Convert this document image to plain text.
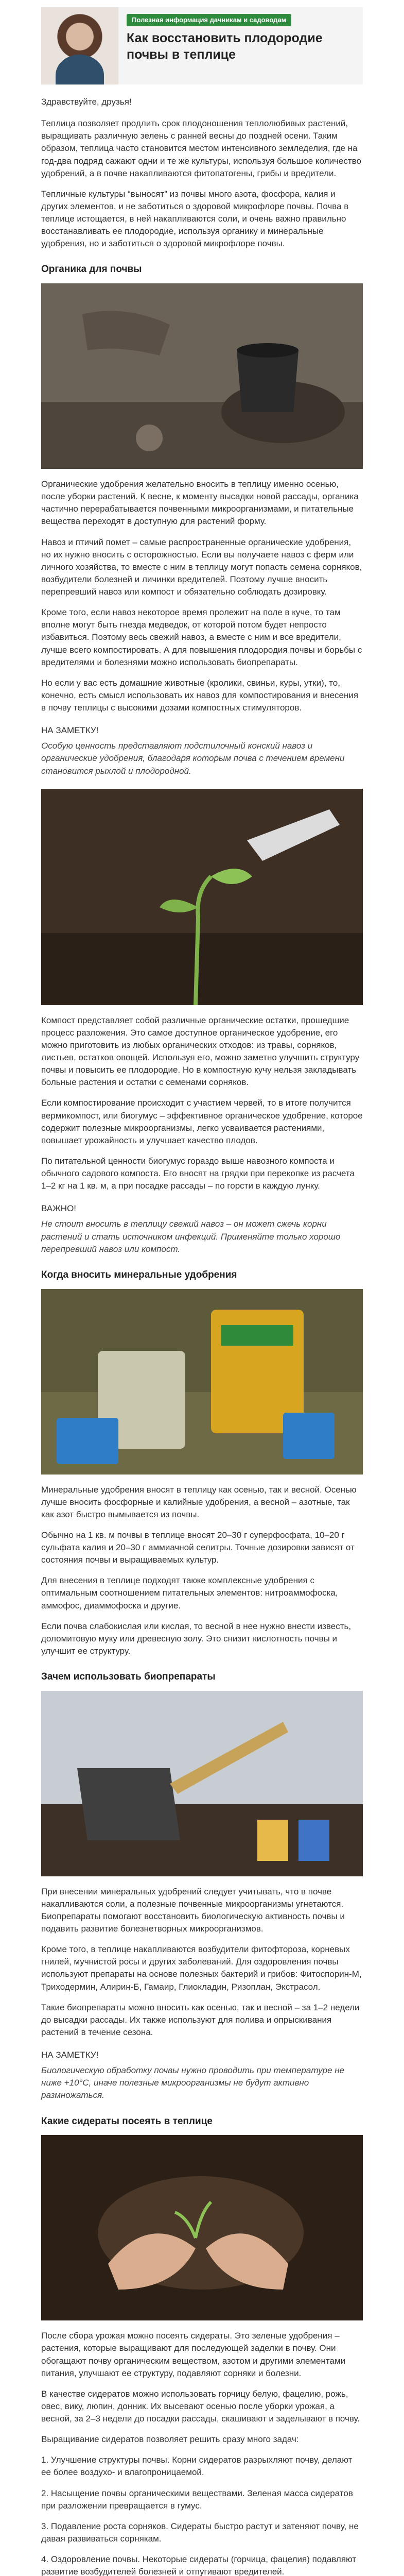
Полезная информация дачникам и садоводам
Как восстановить плодородие почвы в теплице

Здравствуйте, друзья!

Теплица позволяет продлить срок плодоношения теплолюбивых растений, выращивать различную зелень с ранней весны до поздней осени. Таким образом, теплица часто становится местом интенсивного земледелия, где на год-два подряд сажают одни и те же культуры, используя большое количество удобрений, а в почве накапливаются фитопатогены, грибы и вредители.

Тепличные культуры “выносят” из почвы много азота, фосфора, калия и других элементов, и не заботиться о здоровой микрофлоре почвы. Почва в теплице истощается, в ней накапливаются соли, и очень важно правильно восстанавливать ее плодородие, используя органику и минеральные удобрения, но и заботиться о здоровой микрофлоре почвы.

Органика для почвы

Органические удобрения желательно вносить в теплицу именно осенью, после уборки растений. К весне, к моменту высадки новой рассады, органика частично перерабатывается почвенными микроорганизмами, и питательные вещества переходят в доступную для растений форму.

Навоз и птичий помет – самые распространенные органические удобрения, но их нужно вносить с осторожностью. Если вы получаете навоз с ферм или личного хозяйства, то вместе с ним в теплицу могут попасть семена сорняков, возбудители болезней и личинки вредителей. Поэтому лучше вносить перепревший навоз или компост и обязательно соблюдать дозировку.

Кроме того, если навоз некоторое время пролежит на поле в куче, то там вполне могут быть гнезда медведок, от которой потом будет непросто избавиться. Поэтому весь свежий навоз, а вместе с ним и все вредители, лучше всего компостировать. А для повышения плодородия почвы и борьбы с вредителями и болезнями можно использовать биопрепараты.

Но если у вас есть домашние животные (кролики, свиньи, куры, утки), то, конечно, есть смысл использовать их навоз для компостирования и внесения в почву теплицы с высокими дозами компостных стимуляторов.

НА ЗАМЕТКУ!
Особую ценность представляют подстилочный конский навоз и органические удобрения, благодаря которым почва с течением времени становится рыхлой и плодородной.

Компост представляет собой различные органические остатки, прошедшие процесс разложения. Это самое доступное органическое удобрение, его можно приготовить из любых органических отходов: из травы, сорняков, листьев, остатков овощей. Используя его, можно заметно улучшить структуру почвы и повысить ее плодородие. Но в компостную кучу нельзя закладывать больные растения и остатки с семенами сорняков.

Если компостирование происходит с участием червей, то в итоге получится вермикомпост, или биогумус – эффективное органическое удобрение, которое содержит полезные микроорганизмы, легко усваивается растениями, повышает урожайность и улучшает качество плодов.

По питательной ценности биогумус гораздо выше навозного компоста и обычного садового компоста. Его вносят на грядки при перекопке из расчета 1–2 кг на 1 кв. м, а при посадке рассады – по горсти в каждую лунку.

ВАЖНО!
Не стоит вносить в теплицу свежий навоз – он может сжечь корни растений и стать источником инфекций. Применяйте только хорошо перепревший навоз или компост.
Когда вносить минеральные удобрения

Минеральные удобрения вносят в теплицу как осенью, так и весной. Осенью лучше вносить фосфорные и калийные удобрения, а весной – азотные, так как азот быстро вымывается из почвы.

Обычно на 1 кв. м почвы в теплице вносят 20–30 г суперфосфата, 10–20 г сульфата калия и 20–30 г аммиачной селитры. Точные дозировки зависят от состояния почвы и выращиваемых культур.

Для внесения в теплице подходят также комплексные удобрения с оптимальным соотношением питательных элементов: нитроаммофоска, аммофос, диаммофоска и другие.

Если почва слабокислая или кислая, то весной в нее нужно внести известь, доломитовую муку или древесную золу. Это снизит кислотность почвы и улучшит ее структуру.

Зачем использовать биопрепараты

При внесении минеральных удобрений следует учитывать, что в почве накапливаются соли, а полезные почвенные микроорганизмы угнетаются. Биопрепараты помогают восстановить биологическую активность почвы и подавить развитие болезнетворных микроорганизмов.

Кроме того, в теплице накапливаются возбудители фитофтороза, корневых гнилей, мучнистой росы и других заболеваний. Для оздоровления почвы используют препараты на основе полезных бактерий и грибов: Фитоспорин-М, Триходермин, Алирин-Б, Гамаир, Глиокладин, Ризоплан, Экстрасол.

Такие биопрепараты можно вносить как осенью, так и весной – за 1–2 недели до высадки рассады. Их также используют для полива и опрыскивания растений в течение сезона.

НА ЗАМЕТКУ!
Биологическую обработку почвы нужно проводить при температуре не ниже +10°C, иначе полезные микроорганизмы не будут активно размножаться.
Какие сидераты посеять в теплице

После сбора урожая можно посеять сидераты. Это зеленые удобрения – растения, которые выращивают для последующей заделки в почву. Они обогащают почву органическим веществом, азотом и другими элементами питания, улучшают ее структуру, подавляют сорняки и болезни.

В качестве сидератов можно использовать горчицу белую, фацелию, рожь, овес, вику, люпин, донник. Их высевают осенью после уборки урожая, а весной, за 2–3 недели до посадки рассады, скашивают и заделывают в почву.

Выращивание сидератов позволяет решить сразу много задач:

1. Улучшение структуры почвы. Корни сидератов разрыхляют почву, делают ее более воздухо- и влагопроницаемой.

2. Насыщение почвы органическими веществами. Зеленая масса сидератов при разложении превращается в гумус.

3. Подавление роста сорняков. Сидераты быстро растут и затеняют почву, не давая развиваться сорнякам.

4. Оздоровление почвы. Некоторые сидераты (горчица, фацелия) подавляют развитие возбудителей болезней и отпугивают вредителей.
